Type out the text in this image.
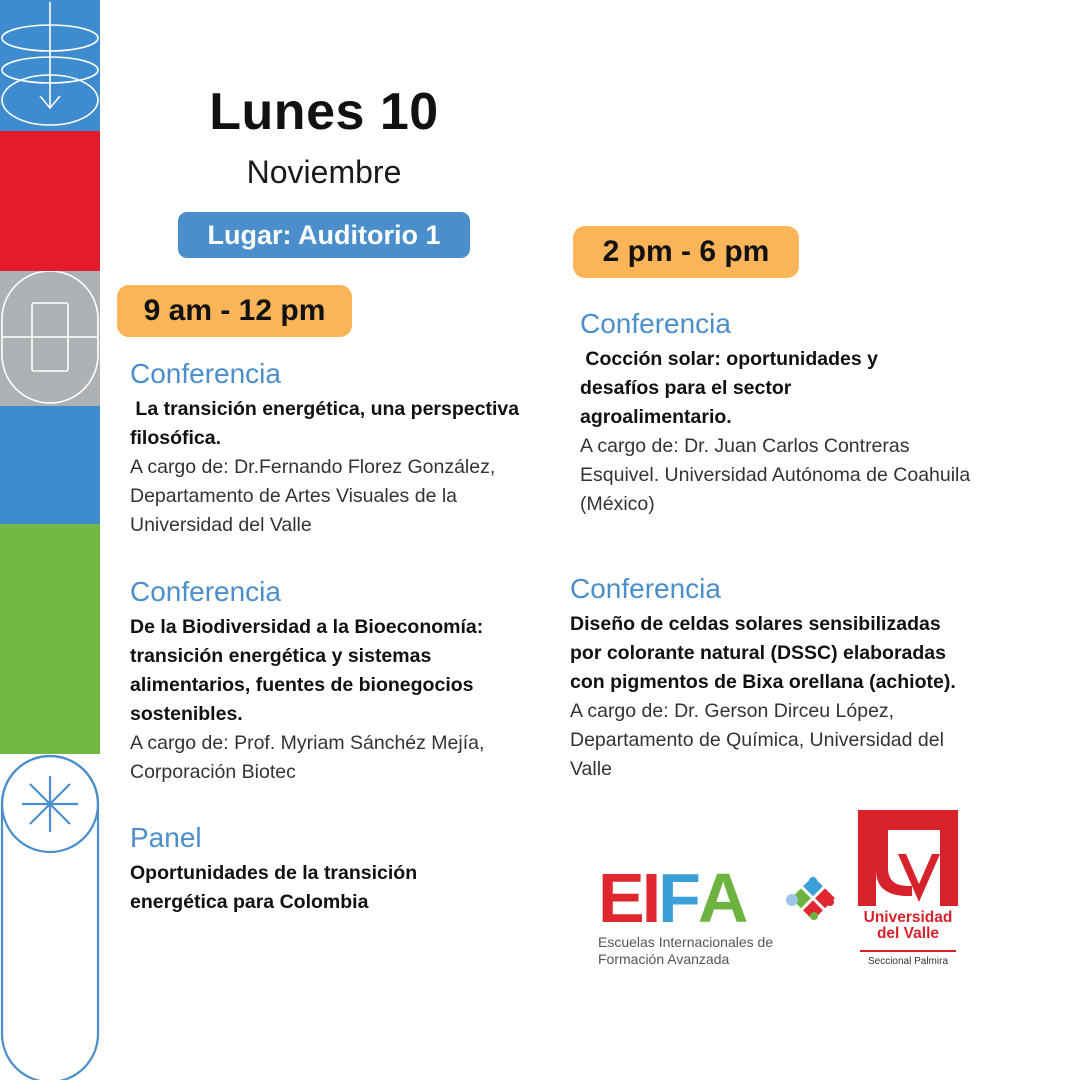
Lunes 10
Noviembre
Lugar: Auditorio 1
9 am - 12 pm
2 pm - 6 pm
Conferencia
La transición energética, una perspectiva filosófica.
A cargo de: Dr.Fernando Florez González, Departamento de Artes Visuales de la Universidad del Valle
Conferencia
De la Biodiversidad a la Bioeconomía: transición energética y sistemas alimentarios, fuentes de bionegocios sostenibles.
A cargo de: Prof. Myriam Sánchéz Mejía, Corporación Biotec
Panel
Oportunidades de la transición energética para Colombia
Conferencia
Cocción solar: oportunidades y desafíos para el sector agroalimentario.
A cargo de: Dr. Juan Carlos Contreras Esquivel. Universidad Autónoma de Coahuila (México)
Conferencia
Diseño de celdas solares sensibilizadas por colorante natural (DSSC) elaboradas con pigmentos de Bixa orellana (achiote).
A cargo de: Dr. Gerson Dirceu López, Departamento de Química, Universidad del Valle
EIFA
Escuelas Internacionales de Formación Avanzada
Universidad del Valle
Seccional Palmira
